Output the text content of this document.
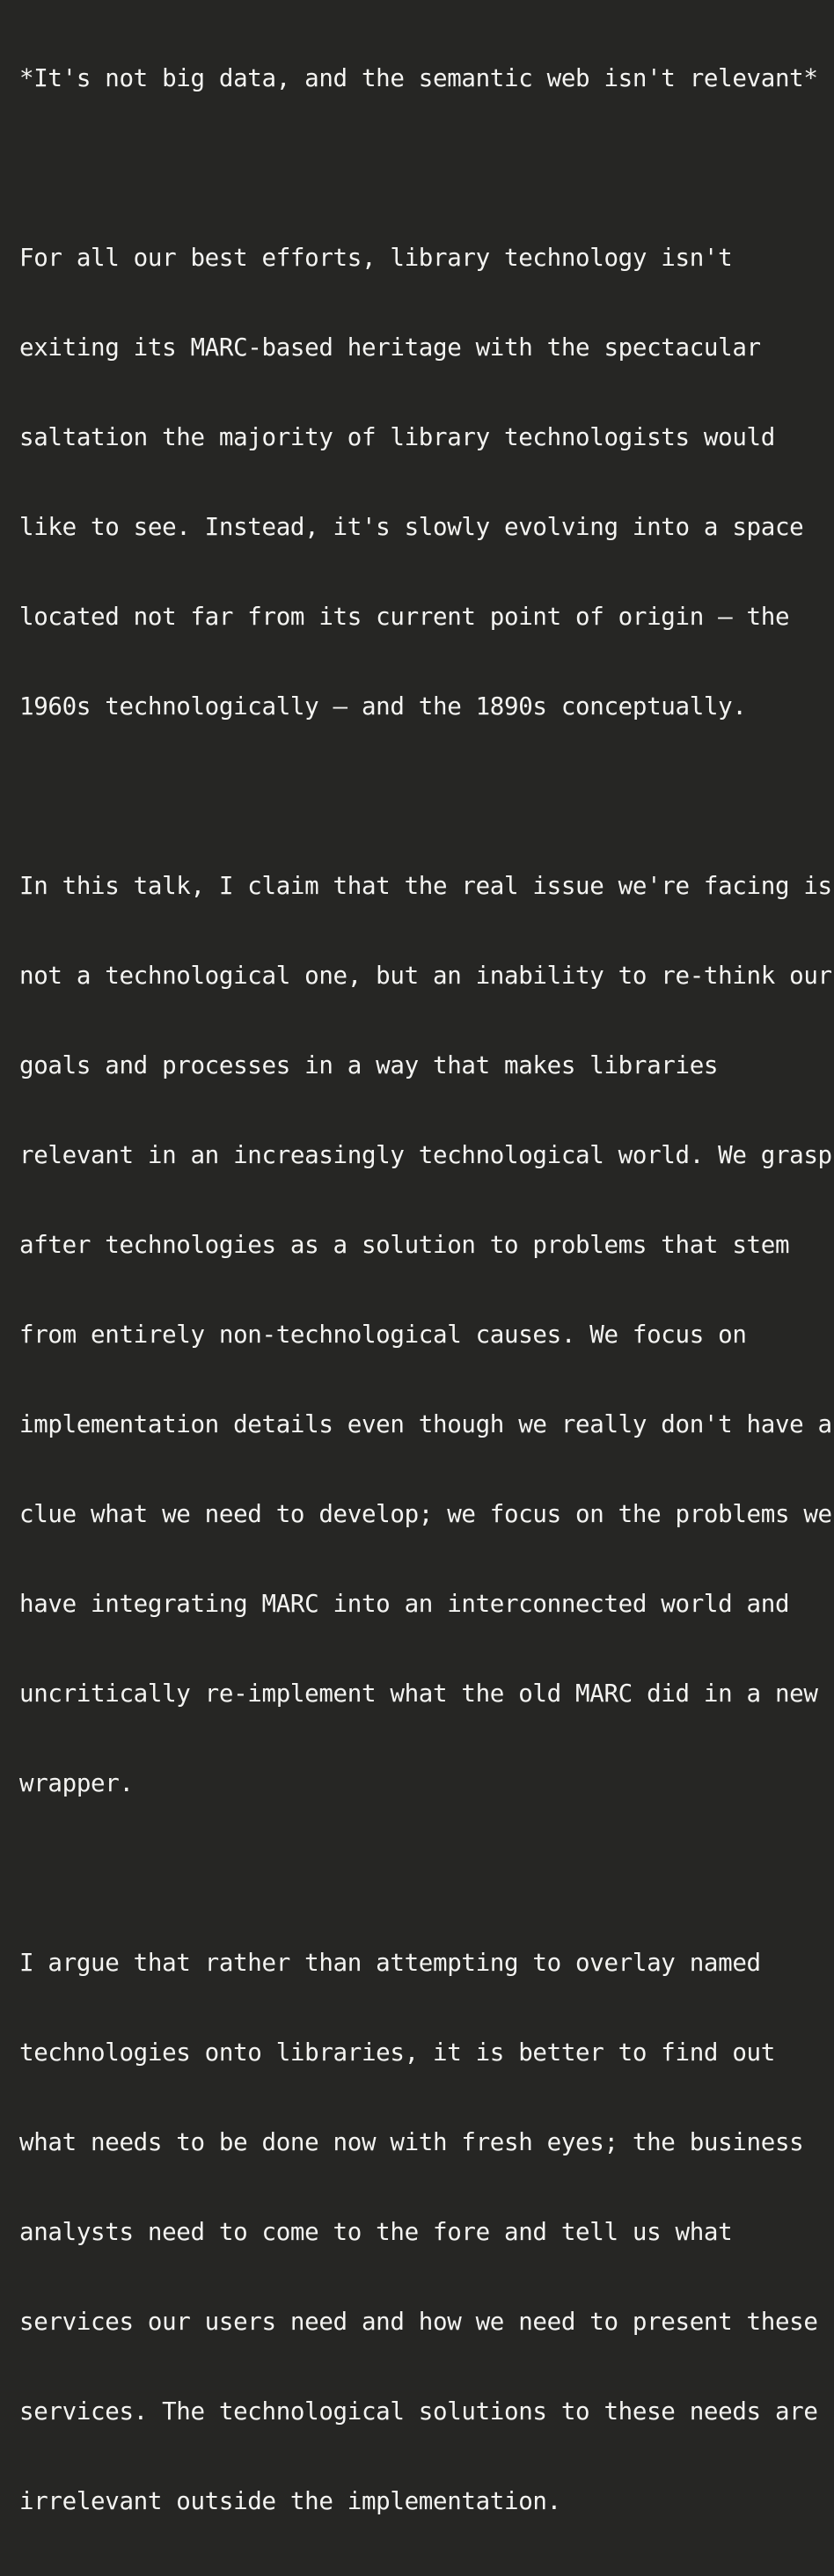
*It's not big data, and the semantic web isn't relevant*

For all our best efforts, library technology isn't

exiting its MARC-based heritage with the spectacular

saltation the majority of library technologists would

like to see. Instead, it's slowly evolving into a space

located not far from its current point of origin – the

1960s technologically – and the 1890s conceptually.

In this talk, I claim that the real issue we're facing is

not a technological one, but an inability to re-think our

goals and processes in a way that makes libraries

relevant in an increasingly technological world. We grasp

after technologies as a solution to problems that stem

from entirely non-technological causes. We focus on

implementation details even though we really don't have a

clue what we need to develop; we focus on the problems we

have integrating MARC into an interconnected world and

uncritically re-implement what the old MARC did in a new

wrapper.

I argue that rather than attempting to overlay named

technologies onto libraries, it is better to find out

what needs to be done now with fresh eyes; the business

analysts need to come to the fore and tell us what

services our users need and how we need to present these

services. The technological solutions to these needs are

irrelevant outside the implementation.
